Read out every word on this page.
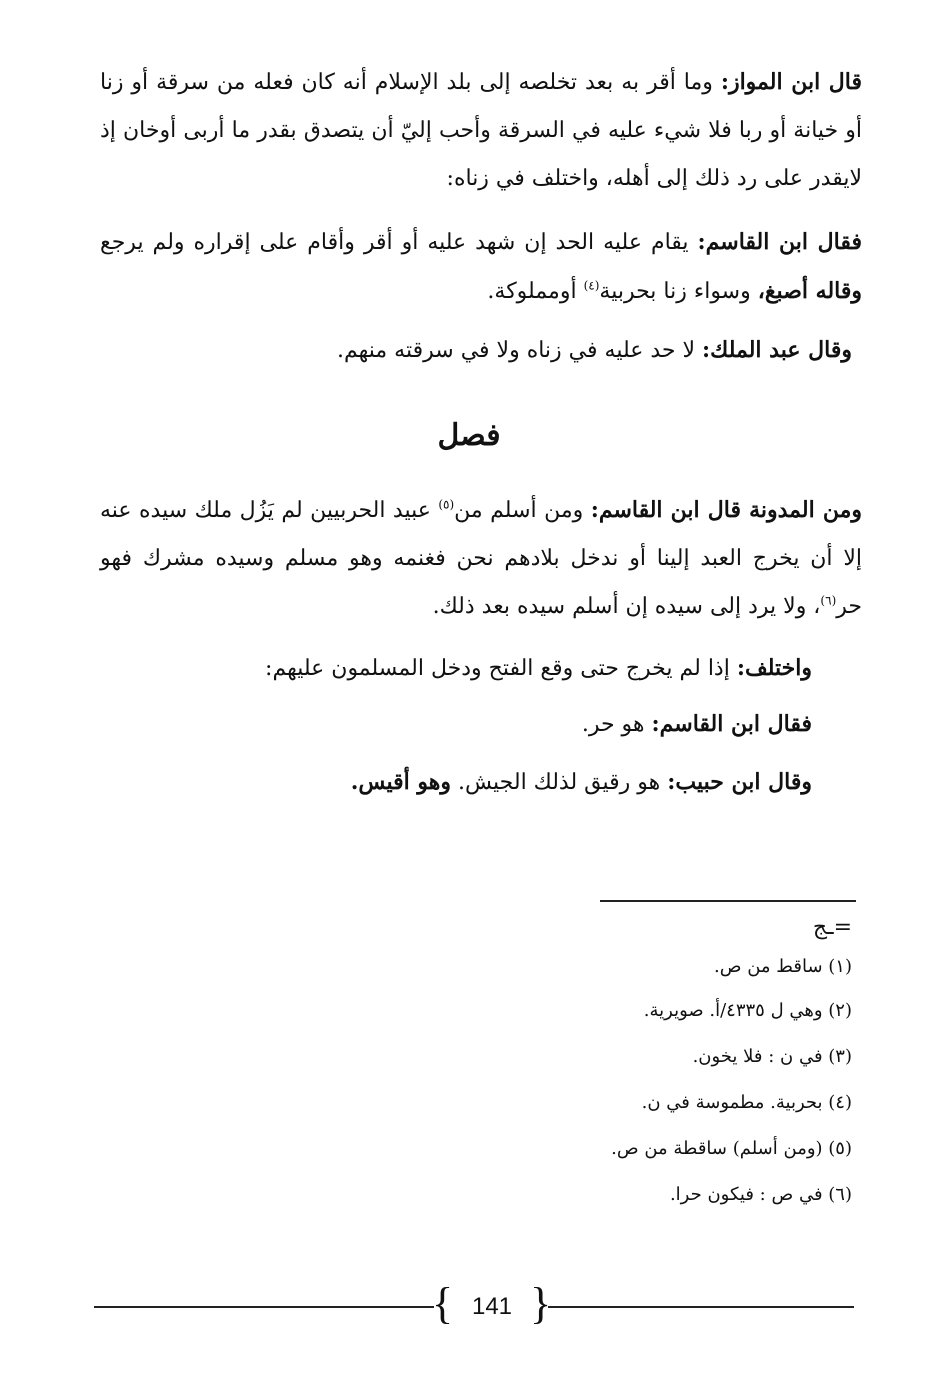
قال ابن المواز: وما أقر به بعد تخلصه إلى بلد الإسلام أنه كان فعله من سرقة أو زنا أو خيانة أو ربا فلا شيء عليه في السرقة وأحب إليّ أن يتصدق بقدر ما أربى أوخان إذ لايقدر على رد ذلك إلى أهله، واختلف في زناه:
فقال ابن القاسم: يقام عليه الحد إن شهد عليه أو أقر وأقام على إقراره ولم يرجع وقاله أصبغ، وسواء زنا بحربية$^{(٤)}$ أومملوكة.
وقال عبد الملك: لا حد عليه في زناه ولا في سرقته منهم.
فصل
ومن المدونة قال ابن القاسم: ومن أسلم من$^{(٥)}$ عبيد الحربيين لم يَزُل ملك سيده عنه إلا أن يخرج العبد إلينا أو ندخل بلادهم نحن فغنمه وهو مسلم وسيده مشرك فهو حر$^{(٦)}$، ولا يرد إلى سيده إن أسلم سيده بعد ذلك.
واختلف: إذا لم يخرج حتى وقع الفتح ودخل المسلمون عليهم:
فقال ابن القاسم: هو حر.
وقال ابن حبيب: هو رقيق لذلك الجيش. وهو أقيس.
ـج=
(١) ساقط من ص.
(٢) وهي ل ٤٣٣٥/أ. صويرية.
(٣) في ن : فلا يخون.
(٤) بحربية. مطموسة في ن.
(٥) (ومن أسلم) ساقطة من ص.
(٦) في ص : فيكون حرا.
{ }
141
